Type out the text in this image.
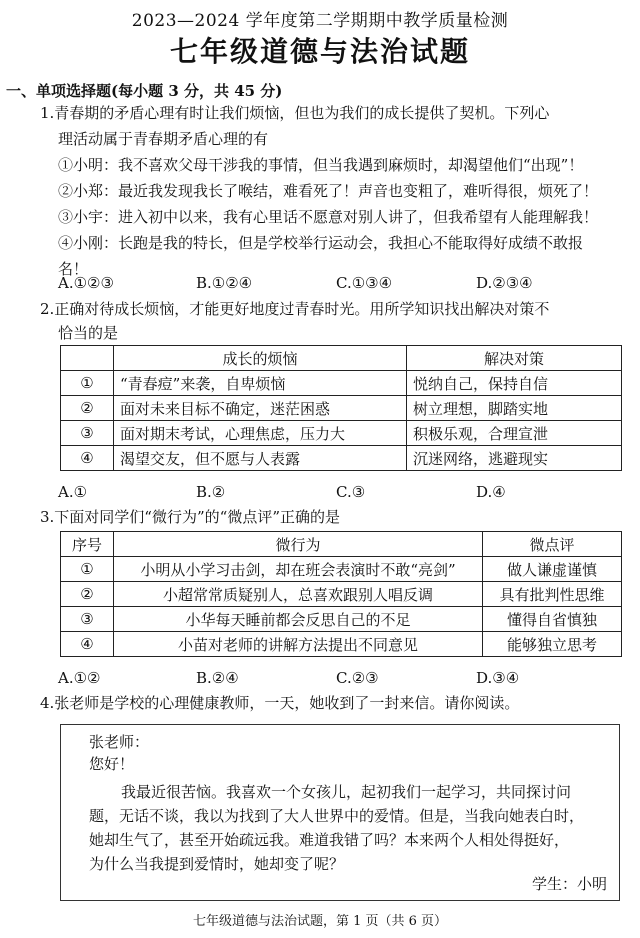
2023—2024 学年度第二学期期中教学质量检测
七年级道德与法治试题
一、单项选择题(每小题 3 分，共 45 分)
1.青春期的矛盾心理有时让我们烦恼，但也为我们的成长提供了契机。下列心
理活动属于青春期矛盾心理的有
①小明：我不喜欢父母干涉我的事情，但当我遇到麻烦时，却渴望他们“出现”！
②小郑：最近我发现我长了喉结，难看死了！声音也变粗了，难听得很，烦死了！
③小宇：进入初中以来，我有心里话不愿意对别人讲了，但我希望有人能理解我！
④小刚：长跑是我的特长，但是学校举行运动会，我担心不能取得好成绩不敢报
名！
A.①②③	B.①②④	C.①③④	D.②③④
2.正确对待成长烦恼，才能更好地度过青春时光。用所学知识找出解决对策不
恰当的是
	成长的烦恼	解决对策
①	“青春痘”来袭，自卑烦恼	悦纳自己，保持自信
②	面对未来目标不确定，迷茫困惑	树立理想，脚踏实地
③	面对期末考试，心理焦虑，压力大	积极乐观，合理宣泄
④	渴望交友，但不愿与人表露	沉迷网络，逃避现实
A.①	B.②	C.③	D.④
3.下面对同学们“微行为”的“微点评”正确的是
序号	微行为	微点评
①	小明从小学习击剑，却在班会表演时不敢“亮剑”	做人谦虚谨慎
②	小超常常质疑别人，总喜欢跟别人唱反调	具有批判性思维
③	小华每天睡前都会反思自己的不足	懂得自省慎独
④	小苗对老师的讲解方法提出不同意见	能够独立思考
A.①②	B.②④	C.②③	D.③④
4.张老师是学校的心理健康教师，一天，她收到了一封来信。请你阅读。
张老师：
您好！
我最近很苦恼。我喜欢一个女孩儿，起初我们一起学习，共同探讨问
题，无话不谈，我以为找到了大人世界中的爱情。但是，当我向她表白时，
她却生气了，甚至开始疏远我。难道我错了吗？本来两个人相处得挺好，
为什么当我提到爱情时，她却变了呢？
学生：小明
七年级道德与法治试题，第 1 页（共 6 页）
